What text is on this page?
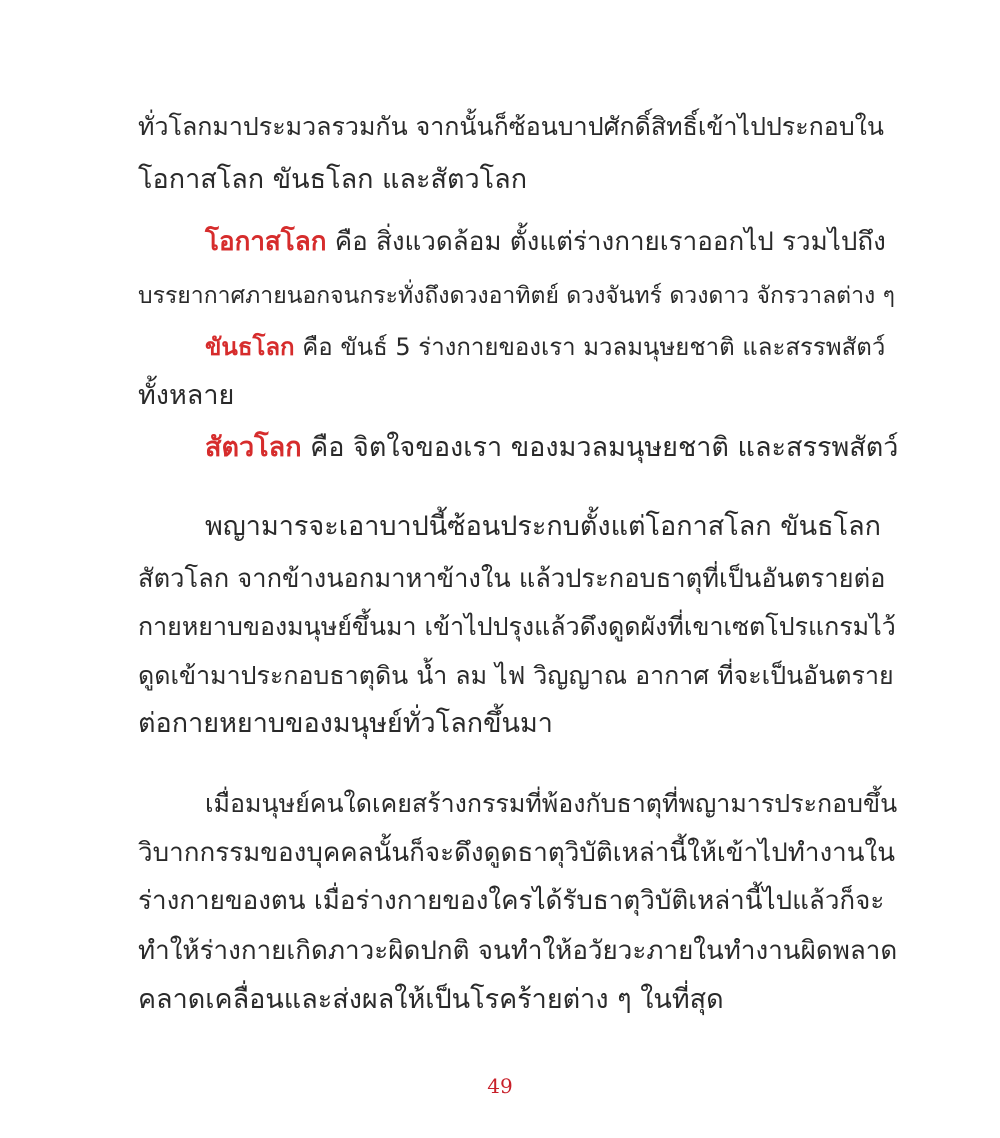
ทั่วโลกมาประมวลรวมกัน จากนั้นก็ซ้อนบาปศักดิ์สิทธิ์เข้าไปประกอบใน
โอกาสโลก ขันธโลก และสัตวโลก
โอกาสโลก คือ สิ่งแวดล้อม ตั้งแต่ร่างกายเราออกไป รวมไปถึง
บรรยากาศภายนอกจนกระทั่งถึงดวงอาทิตย์ ดวงจันทร์ ดวงดาว จักรวาลต่าง ๆ
ขันธโลก คือ ขันธ์ 5 ร่างกายของเรา มวลมนุษยชาติ และสรรพสัตว์
ทั้งหลาย
สัตวโลก คือ จิตใจของเรา ของมวลมนุษยชาติ และสรรพสัตว์
พญามารจะเอาบาปนี้ซ้อนประกบตั้งแต่โอกาสโลก ขันธโลก
สัตวโลก จากข้างนอกมาหาข้างใน แล้วประกอบธาตุที่เป็นอันตรายต่อ
กายหยาบของมนุษย์ขึ้นมา เข้าไปปรุงแล้วดึงดูดผังที่เขาเซตโปรแกรมไว้
ดูดเข้ามาประกอบธาตุดิน น้ำ ลม ไฟ วิญญาณ อากาศ ที่จะเป็นอันตราย
ต่อกายหยาบของมนุษย์ทั่วโลกขึ้นมา
เมื่อมนุษย์คนใดเคยสร้างกรรมที่พ้องกับธาตุที่พญามารประกอบขึ้น
วิบากกรรมของบุคคลนั้นก็จะดึงดูดธาตุวิบัติเหล่านี้ให้เข้าไปทำงานใน
ร่างกายของตน เมื่อร่างกายของใครได้รับธาตุวิบัติเหล่านี้ไปแล้วก็จะ
ทำให้ร่างกายเกิดภาวะผิดปกติ จนทำให้อวัยวะภายในทำงานผิดพลาด
คลาดเคลื่อนและส่งผลให้เป็นโรคร้ายต่าง ๆ ในที่สุด
49
